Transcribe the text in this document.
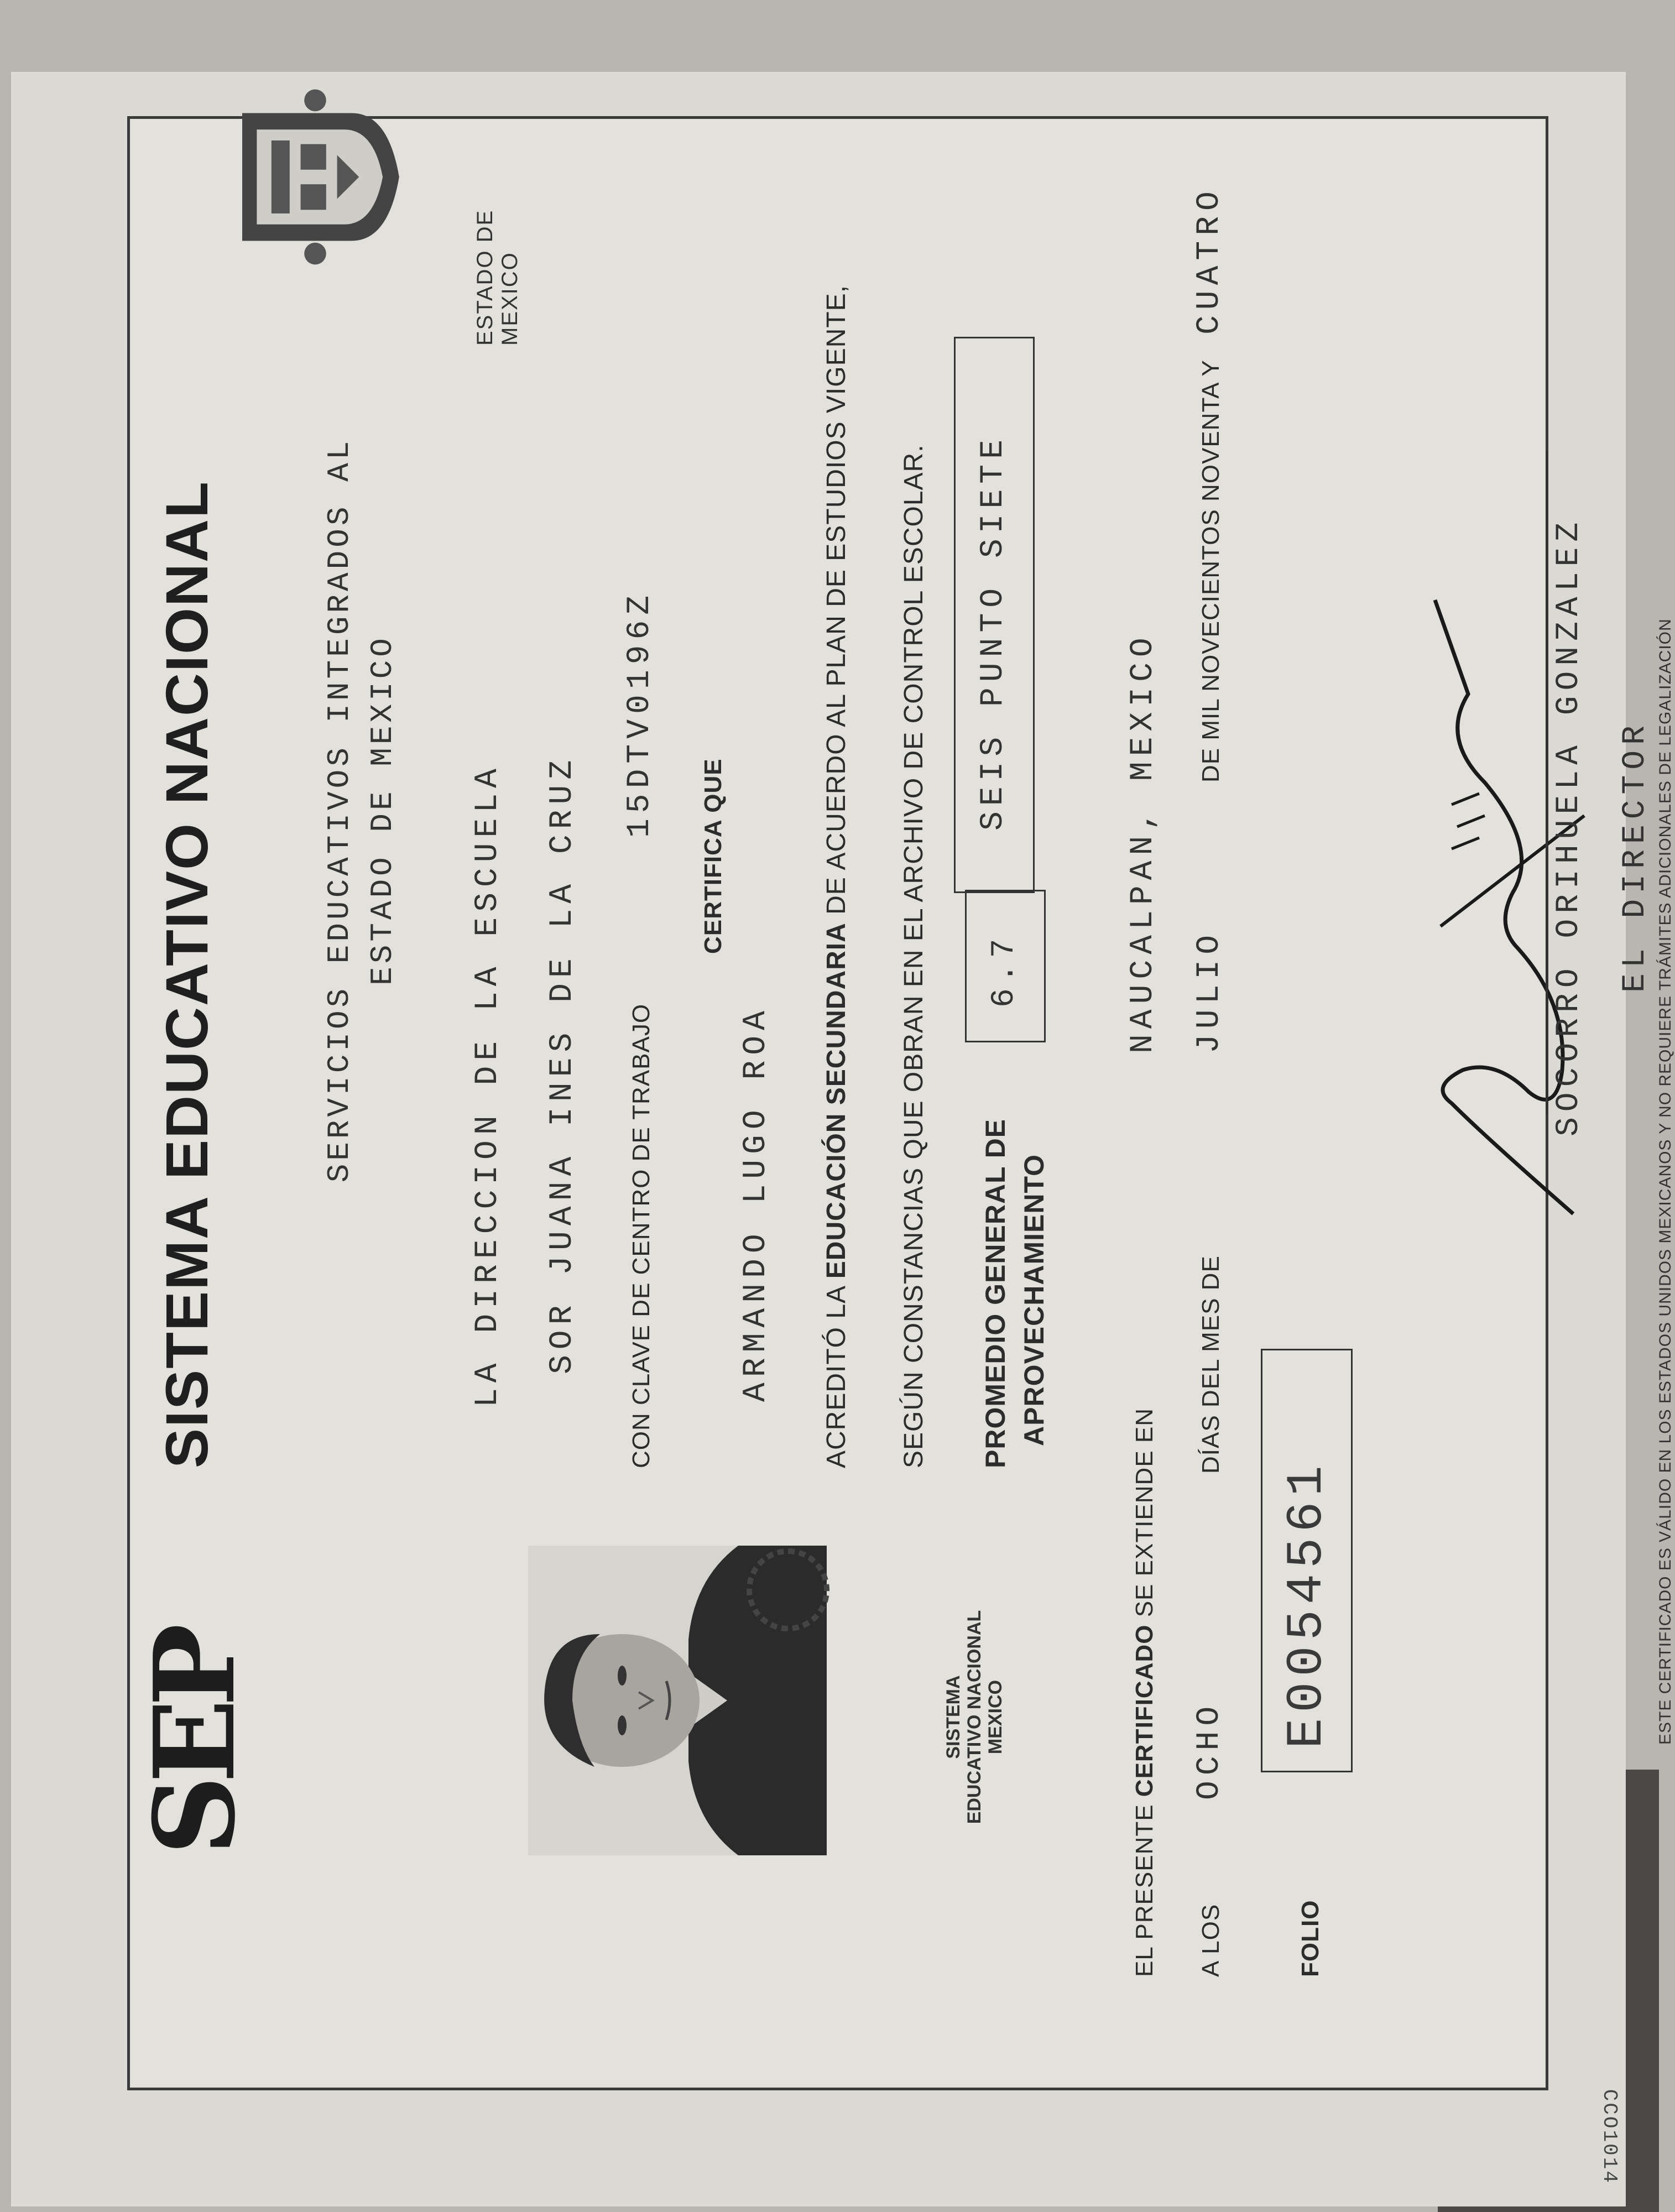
CCO1014
SEP
SISTEMA EDUCATIVO NACIONAL	SERVICIOS EDUCATIVOS INTEGRADOS AL ESTADO DE MEXICO
ESTADO DE MEXICO
SISTEMA EDUCATIVO NACIONAL MEXICO
LA DIRECCION DE LA ESCUELA SOR JUANA INES DE LA CRUZ CON CLAVE DE CENTRO DE TRABAJO
15DTV0196Z
CERTIFICA QUE
ARMANDO LUGO ROA ACREDITÓ LA EDUCACIÓN SECUNDARIA DE ACUERDO AL PLAN DE ESTUDIOS VIGENTE, SEGÚN CONSTANCIAS QUE OBRAN EN EL ARCHIVO DE CONTROL ESCOLAR. PROMEDIO GENERAL DE APROVECHAMIENTO
6.7
SEIS PUNTO SIETE
EL PRESENTE CERTIFICADO SE EXTIENDE EN
NAUCALPAN, MEXICO
A LOS
OCHO
DÍAS DEL MES DE
JULIO
DE MIL NOVECIENTOS NOVENTA Y
CUATRO
FOLIO
E0054561
SOCORRO ORIHUELA GONZALEZ EL DIRECTOR ESTE CERTIFICADO ES VÁLIDO EN LOS ESTADOS UNIDOS MEXICANOS Y NO REQUIERE TRÁMITES ADICIONALES DE LEGALIZACIÓN
